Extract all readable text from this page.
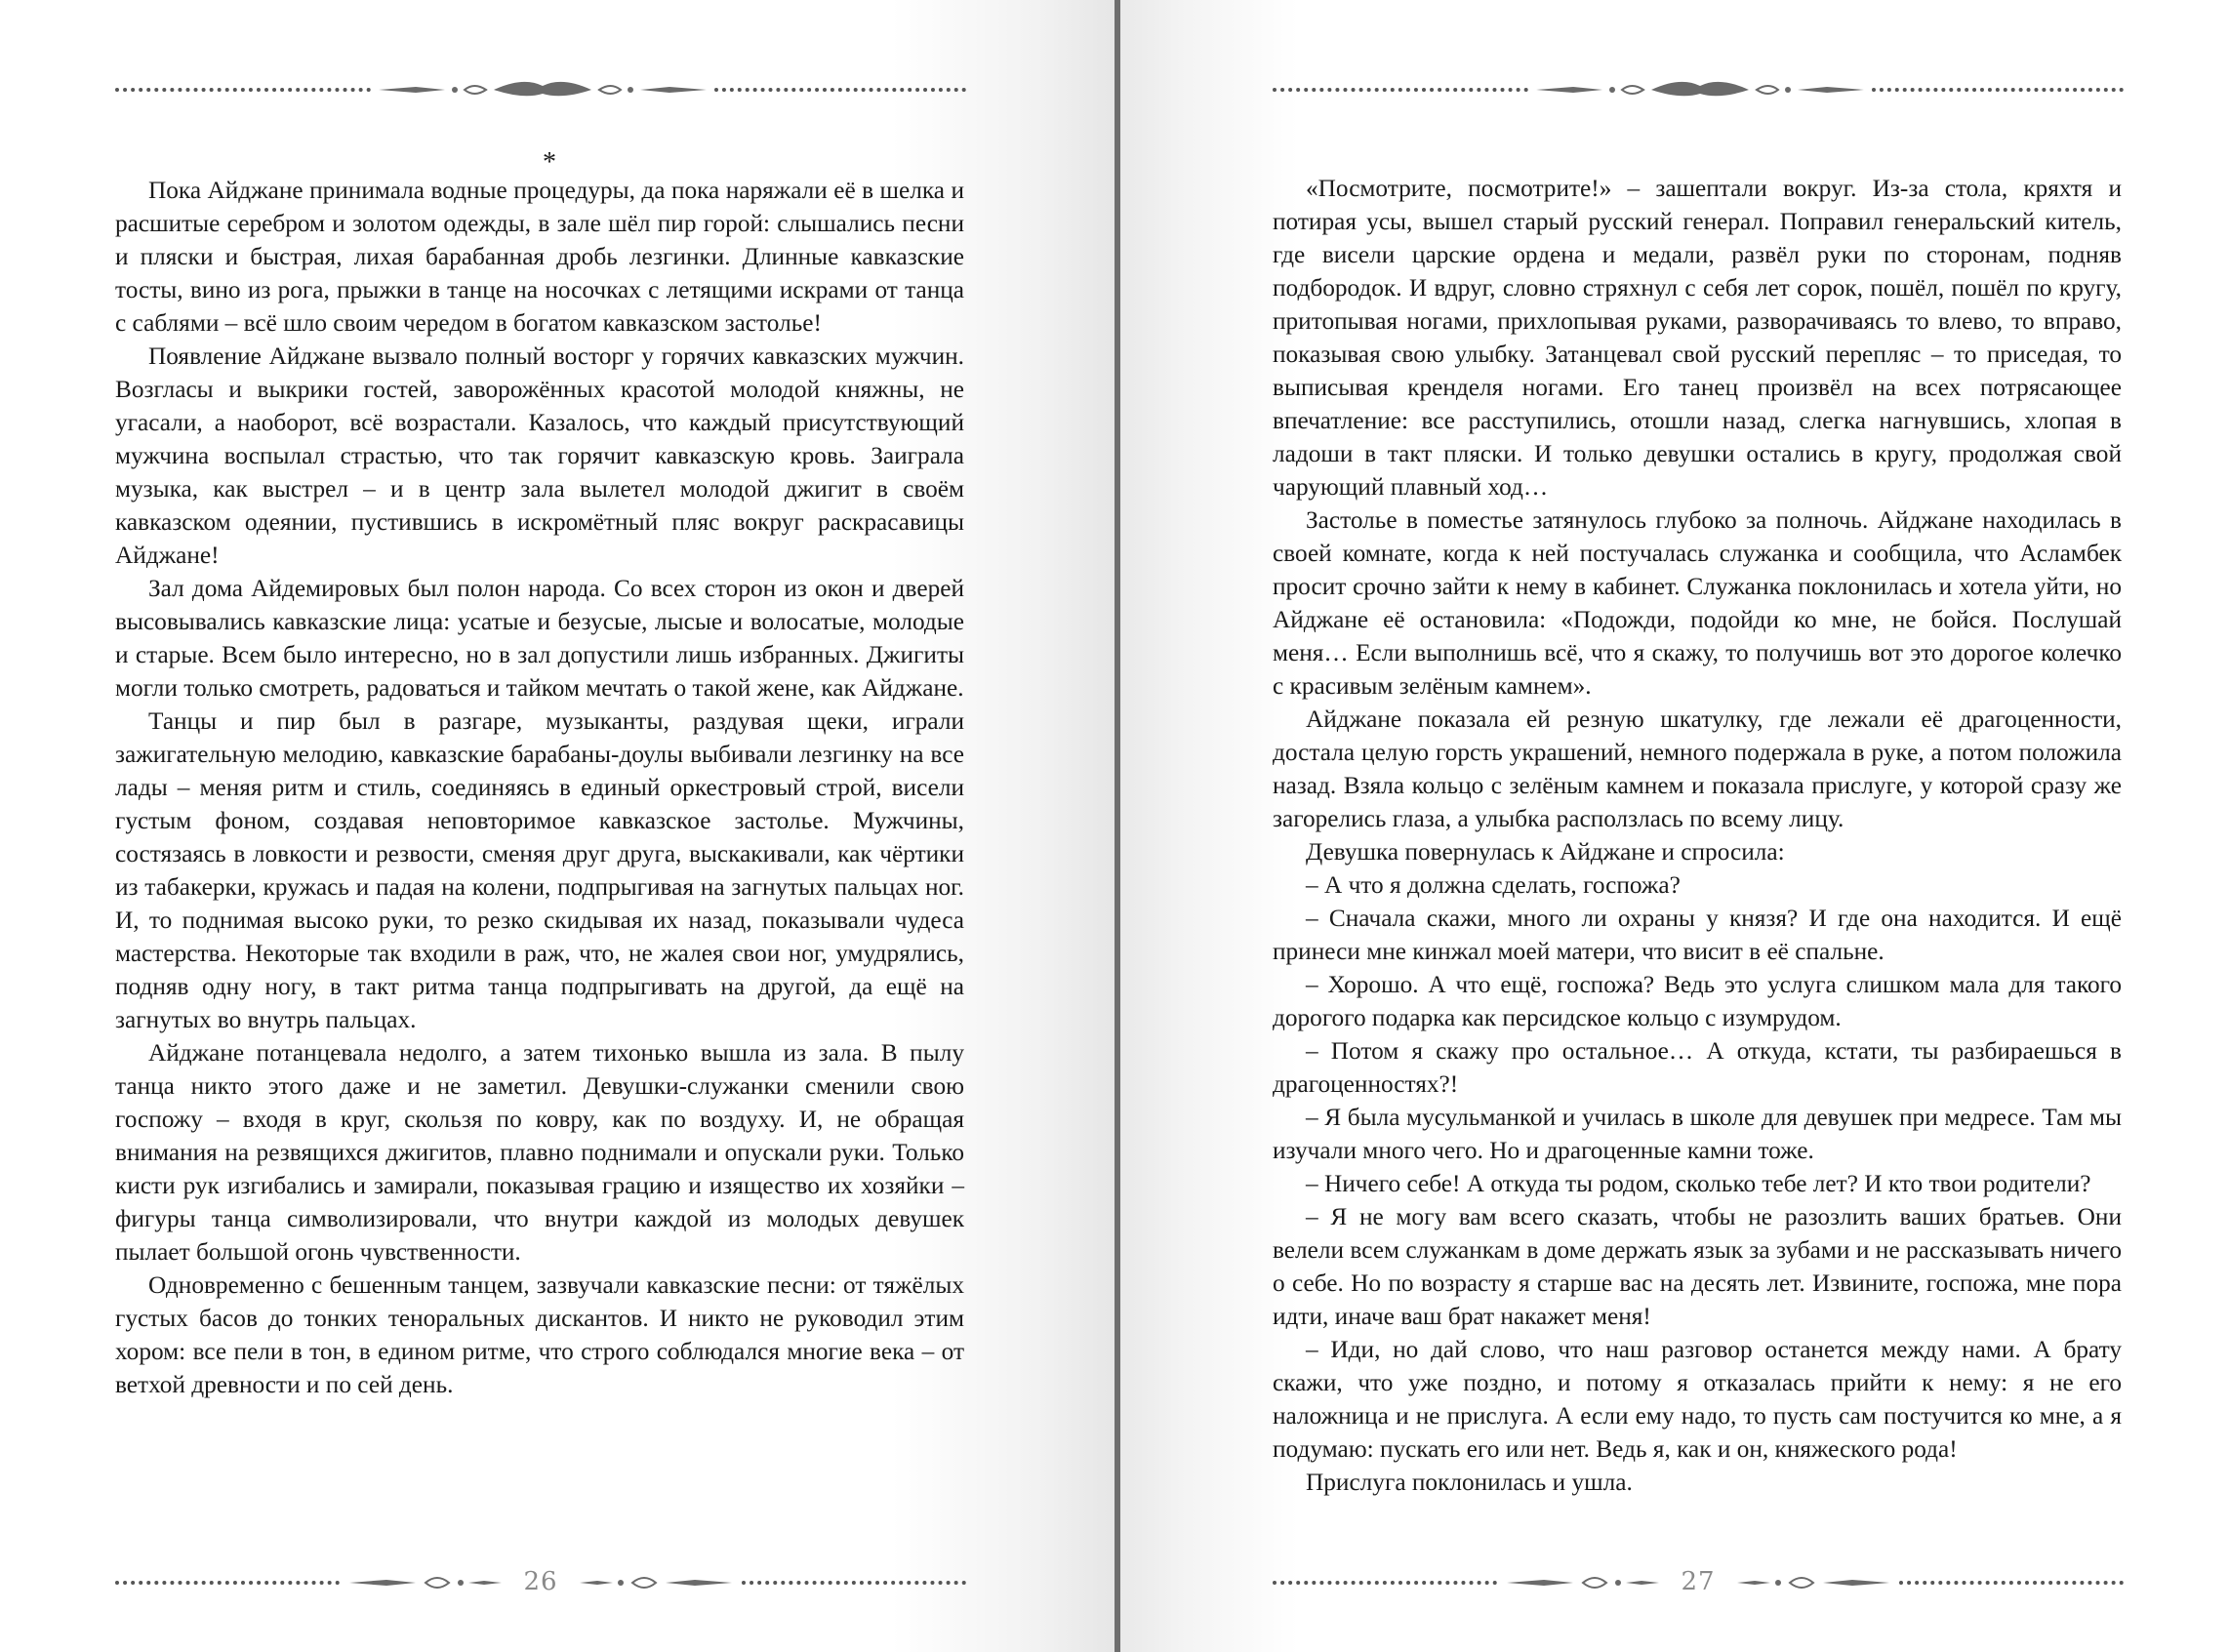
*

Пока Айджане принимала водные процедуры, да пока наряжали её в шелка и расшитые серебром и золотом одежды, в зале шёл пир горой: слышались песни и пляски и быстрая, лихая барабанная дробь лезгинки. Длинные кавказские тосты, вино из рога, прыжки в танце на носочках с летящими искрами от танца с саблями – всё шло своим чередом в богатом кавказском застолье!

Появление Айджане вызвало полный восторг у горячих кавказских мужчин. Возгласы и выкрики гостей, заворожённых красотой молодой княжны, не угасали, а наоборот, всё возрастали. Казалось, что каждый присутствующий мужчина воспылал страстью, что так горячит кавказскую кровь. Заиграла музыка, как выстрел – и в центр зала вылетел молодой джигит в своём кавказском одеянии, пустившись в искромётный пляс вокруг раскрасавицы Айджане!

Зал дома Айдемировых был полон народа. Со всех сторон из окон и дверей высовывались кавказские лица: усатые и безусые, лысые и волосатые, молодые и старые. Всем было интересно, но в зал допустили лишь избранных. Джигиты могли только смотреть, радоваться и тайком мечтать о такой жене, как Айджане.

Танцы и пир был в разгаре, музыканты, раздувая щеки, играли зажигательную мелодию, кавказские барабаны-доулы выбивали лезгинку на все лады – меняя ритм и стиль, соединяясь в единый оркестровый строй, висели густым фоном, создавая неповторимое кавказское застолье. Мужчины, состязаясь в ловкости и резвости, сменяя друг друга, выскакивали, как чёртики из табакерки, кружась и падая на колени, подпрыгивая на загнутых пальцах ног. И, то поднимая высоко руки, то резко скидывая их назад, показывали чудеса мастерства. Некоторые так входили в раж, что, не жалея свои ног, умудрялись, подняв одну ногу, в такт ритма танца подпрыгивать на другой, да ещё на загнутых во внутрь пальцах.

Айджане потанцевала недолго, а затем тихонько вышла из зала. В пылу танца никто этого даже и не заметил. Девушки-служанки сменили свою госпожу – входя в круг, скользя по ковру, как по воздуху. И, не обращая внимания на резвящихся джигитов, плавно поднимали и опускали руки. Только кисти рук изгибались и замирали, показывая грацию и изящество их хозяйки – фигуры танца символизировали, что внутри каждой из молодых девушек пылает большой огонь чувственности.

Одновременно с бешенным танцем, зазвучали кавказские песни: от тяжёлых густых басов до тонких теноральных дискантов. И никто не руководил этим хором: все пели в тон, в едином ритме, что строго соблюдался многие века – от ветхой древности и по сей день.

26

«Посмотрите, посмотрите!» – зашептали вокруг. Из-за стола, кряхтя и потирая усы, вышел старый русский генерал. Поправил генеральский китель, где висели царские ордена и медали, развёл руки по сторонам, подняв подбородок. И вдруг, словно стряхнул с себя лет сорок, пошёл, пошёл по кругу, притопывая ногами, прихлопывая руками, разворачиваясь то влево, то вправо, показывая свою улыбку. Затанцевал свой русский перепляс – то приседая, то выписывая кренделя ногами. Его танец произвёл на всех потрясающее впечатление: все расступились, отошли назад, слегка нагнувшись, хлопая в ладоши в такт пляски. И только девушки остались в кругу, продолжая свой чарующий плавный ход…

Застолье в поместье затянулось глубоко за полночь. Айджане находилась в своей комнате, когда к ней постучалась служанка и сообщила, что Асламбек просит срочно зайти к нему в кабинет. Служанка поклонилась и хотела уйти, но Айджане её остановила: «Подожди, подойди ко мне, не бойся. Послушай меня… Если выполнишь всё, что я скажу, то получишь вот это дорогое колечко с красивым зелёным камнем».

Айджане показала ей резную шкатулку, где лежали её драгоценности, достала целую горсть украшений, немного подержала в руке, а потом положила назад. Взяла кольцо с зелёным камнем и показала прислуге, у которой сразу же загорелись глаза, а улыбка расползлась по всему лицу.

Девушка повернулась к Айджане и спросила:

– А что я должна сделать, госпожа?

– Сначала скажи, много ли охраны у князя? И где она находится. И ещё принеси мне кинжал моей матери, что висит в её спальне.

– Хорошо. А что ещё, госпожа? Ведь это услуга слишком мала для такого дорогого подарка как персидское кольцо с изумрудом.

– Потом я скажу про остальное… А откуда, кстати, ты разбираешься в драгоценностях?!

– Я была мусульманкой и училась в школе для девушек при медресе. Там мы изучали много чего. Но и драгоценные камни тоже.

– Ничего себе! А откуда ты родом, сколько тебе лет? И кто твои родители?

– Я не могу вам всего сказать, чтобы не разозлить ваших братьев. Они велели всем служанкам в доме держать язык за зубами и не рассказывать ничего о себе. Но по возрасту я старше вас на десять лет. Извините, госпожа, мне пора идти, иначе ваш брат накажет меня!

– Иди, но дай слово, что наш разговор останется между нами. А брату скажи, что уже поздно, и потому я отказалась прийти к нему: я не его наложница и не прислуга. А если ему надо, то пусть сам постучится ко мне, а я подумаю: пускать его или нет. Ведь я, как и он, княжеского рода!

Прислуга поклонилась и ушла.

27
